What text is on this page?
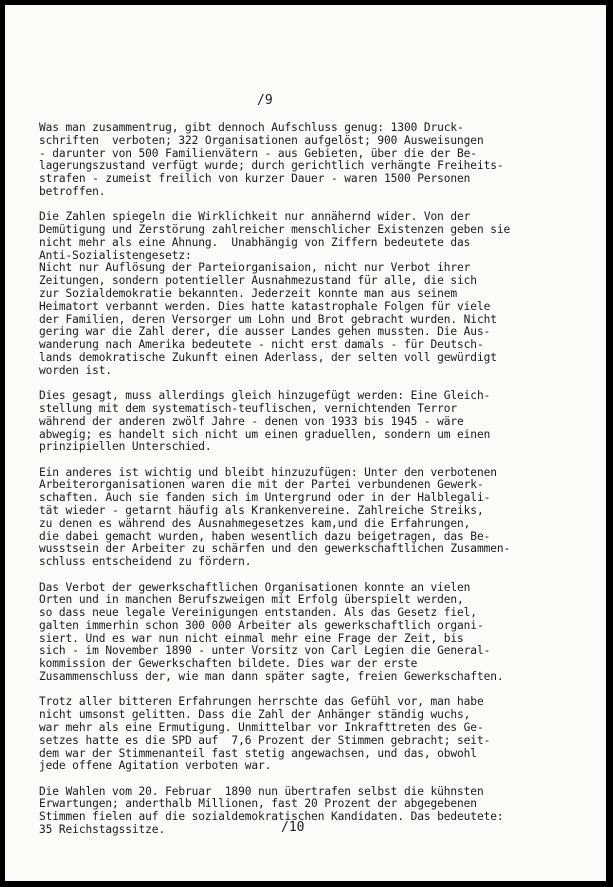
/9
Was man zusammentrug, gibt dennoch Aufschluss genug: 1300 Druck-
schriften  verboten; 322 Organisationen aufgelöst; 900 Ausweisungen
- darunter von 500 Familienvätern - aus Gebieten, über die der Be-
lagerungszustand verfügt wurde; durch gerichtlich verhängte Freiheits-
strafen - zumeist freilich von kurzer Dauer - waren 1500 Personen
betroffen.
Die Zahlen spiegeln die Wirklichkeit nur annähernd wider. Von der
Demütigung und Zerstörung zahlreicher menschlicher Existenzen geben sie
nicht mehr als eine Ahnung.  Unabhängig von Ziffern bedeutete das
Anti-Sozialistengesetz:
Nicht nur Auflösung der Parteiorganisaion, nicht nur Verbot ihrer
Zeitungen, sondern potentieller Ausnahmezustand für alle, die sich
zur Sozialdemokratie bekannten. Jederzeit konnte man aus seinem
Heimatort verbannt werden. Dies hatte katastrophale Folgen für viele
der Familien, deren Versorger um Lohn und Brot gebracht wurden. Nicht
gering war die Zahl derer, die ausser Landes gehen mussten. Die Aus-
wanderung nach Amerika bedeutete - nicht erst damals - für Deutsch-
lands demokratische Zukunft einen Aderlass, der selten voll gewürdigt
worden ist.
Dies gesagt, muss allerdings gleich hinzugefügt werden: Eine Gleich-
stellung mit dem systematisch-teuflischen, vernichtenden Terror
während der anderen zwölf Jahre - denen von 1933 bis 1945 - wäre
abwegig; es handelt sich nicht um einen graduellen, sondern um einen
prinzipiellen Unterschied.
Ein anderes ist wichtig und bleibt hinzuzufügen: Unter den verbotenen
Arbeiterorganisationen waren die mit der Partei verbundenen Gewerk-
schaften. Auch sie fanden sich im Untergrund oder in der Halblegali-
tät wieder - getarnt häufig als Krankenvereine. Zahlreiche Streiks,
zu denen es während des Ausnahmegesetzes kam,und die Erfahrungen,
die dabei gemacht wurden, haben wesentlich dazu beigetragen, das Be-
wusstsein der Arbeiter zu schärfen und den gewerkschaftlichen Zusammen-
schluss entscheidend zu fördern.
Das Verbot der gewerkschaftlichen Organisationen konnte an vielen
Orten und in manchen Berufszweigen mit Erfolg überspielt werden,
so dass neue legale Vereinigungen entstanden. Als das Gesetz fiel,
galten immerhin schon 300 000 Arbeiter als gewerkschaftlich organi-
siert. Und es war nun nicht einmal mehr eine Frage der Zeit, bis
sich - im November 1890 - unter Vorsitz von Carl Legien die General-
kommission der Gewerkschaften bildete. Dies war der erste
Zusammenschluss der, wie man dann später sagte, freien Gewerkschaften.
Trotz aller bitteren Erfahrungen herrschte das Gefühl vor, man habe
nicht umsonst gelitten. Dass die Zahl der Anhänger ständig wuchs,
war mehr als eine Ermutigung. Unmittelbar vor Inkrafttreten des Ge-
setzes hatte es die SPD auf  7,6 Prozent der Stimmen gebracht; seit-
dem war der Stimmenanteil fast stetig angewachsen, und das, obwohl
jede offene Agitation verboten war.
Die Wahlen vom 20. Februar  1890 nun übertrafen selbst die kühnsten
Erwartungen; anderthalb Millionen, fast 20 Prozent der abgegebenen
Stimmen fielen auf die sozialdemokratischen Kandidaten. Das bedeutete:
35 Reichstagssitze.	/10
